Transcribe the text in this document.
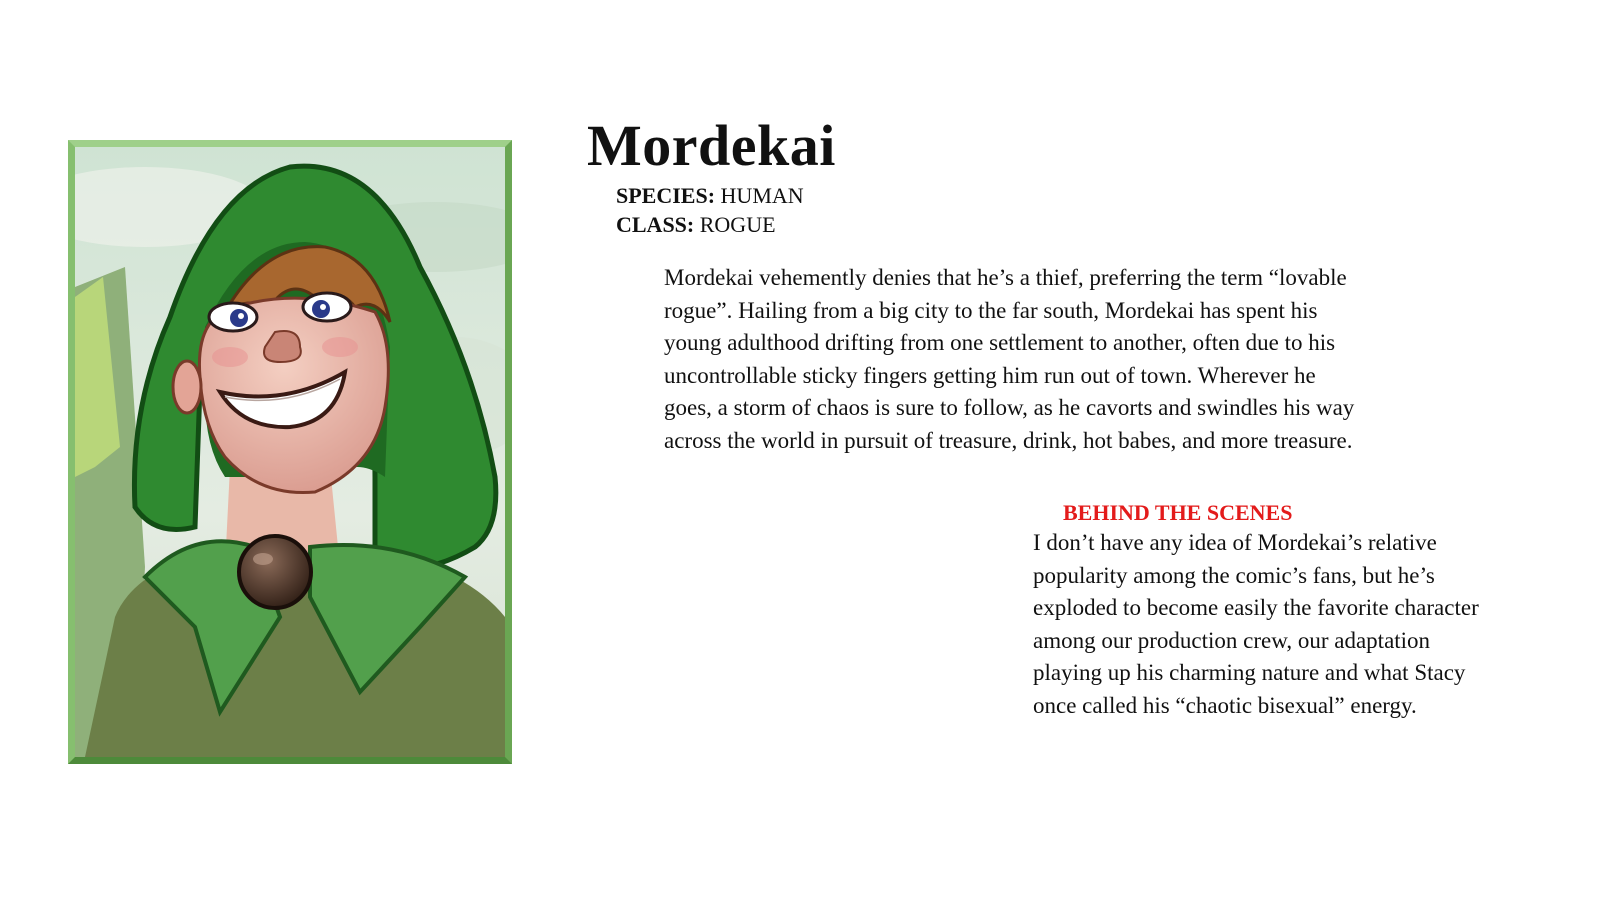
Mordekai
SPECIES: HUMAN
CLASS: ROGUE

Mordekai vehemently denies that he’s a thief, preferring the term “lovable
rogue”. Hailing from a big city to the far south, Mordekai has spent his
young adulthood drifting from one settlement to another, often due to his
uncontrollable sticky fingers getting him run out of town. Wherever he
goes, a storm of chaos is sure to follow, as he cavorts and swindles his way
across the world in pursuit of treasure, drink, hot babes, and more treasure.

BEHIND THE SCENES

I don’t have any idea of Mordekai’s relative
popularity among the comic’s fans, but he’s
exploded to become easily the favorite character
among our production crew, our adaptation
playing up his charming nature and what Stacy
once called his “chaotic bisexual” energy.
